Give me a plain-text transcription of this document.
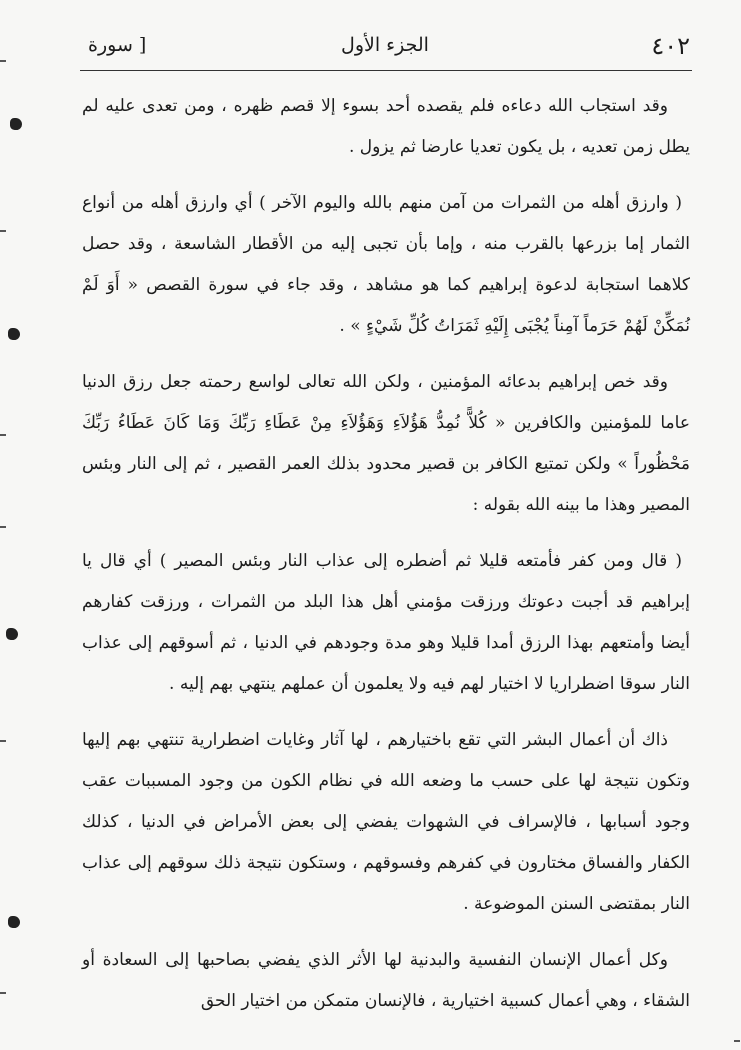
٢٠٤
الجزء الأول
[ سورة

وقد استجاب الله دعاءه فلم يقصده أحد بسوء إلا قصم ظهره ، ومن تعدى عليه لم يطل زمن تعديه ، بل يكون تعديا عارضا ثم يزول .

( وارزق أهله من الثمرات من آمن منهم بالله واليوم الآخر ) أي وارزق أهله من أنواع الثمار إما بزرعها بالقرب منه ، وإما بأن تجبى إليه من الأقطار الشاسعة ، وقد حصل كلاهما استجابة لدعوة إبراهيم كما هو مشاهد ، وقد جاء في سورة القصص « أَوَ لَمْ نُمَكِّنْ لَهُمْ حَرَماً آمِناً يُجْبَى إِلَيْهِ ثَمَرَاتُ كُلِّ شَيْءٍ » .

وقد خص إبراهيم بدعائه المؤمنين ، ولكن الله تعالى لواسع رحمته جعل رزق الدنيا عاما للمؤمنين والكافرين « كُلاًّ نُمِدُّ هَؤُلاَءِ وَهَؤُلاَءِ مِنْ عَطَاءِ رَبِّكَ وَمَا كَانَ عَطَاءُ رَبِّكَ مَحْظُوراً » ولكن تمتيع الكافر بن قصير محدود بذلك العمر القصير ، ثم إلى النار وبئس المصير وهذا ما بينه الله بقوله :

( قال ومن كفر فأمتعه قليلا ثم أضطره إلى عذاب النار وبئس المصير ) أي قال يا إبراهيم قد أجبت دعوتك ورزقت مؤمني أهل هذا البلد من الثمرات ، ورزقت كفارهم أيضا وأمتعهم بهذا الرزق أمدا قليلا وهو مدة وجودهم في الدنيا ، ثم أسوقهم إلى عذاب النار سوقا اضطراريا لا اختيار لهم فيه ولا يعلمون أن عملهم ينتهي بهم إليه .

ذاك أن أعمال البشر التي تقع باختيارهم ، لها آثار وغايات اضطرارية تنتهي بهم إليها وتكون نتيجة لها على حسب ما وضعه الله في نظام الكون من وجود المسببات عقب وجود أسبابها ، فالإسراف في الشهوات يفضي إلى بعض الأمراض في الدنيا ، كذلك الكفار والفساق مختارون في كفرهم وفسوقهم ، وستكون نتيجة ذلك سوقهم إلى عذاب النار بمقتضى السنن الموضوعة .

وكل أعمال الإنسان النفسية والبدنية لها الأثر الذي يفضي بصاحبها إلى السعادة أو الشقاء ، وهي أعمال كسبية اختيارية ، فالإنسان متمكن من اختيار الحق
